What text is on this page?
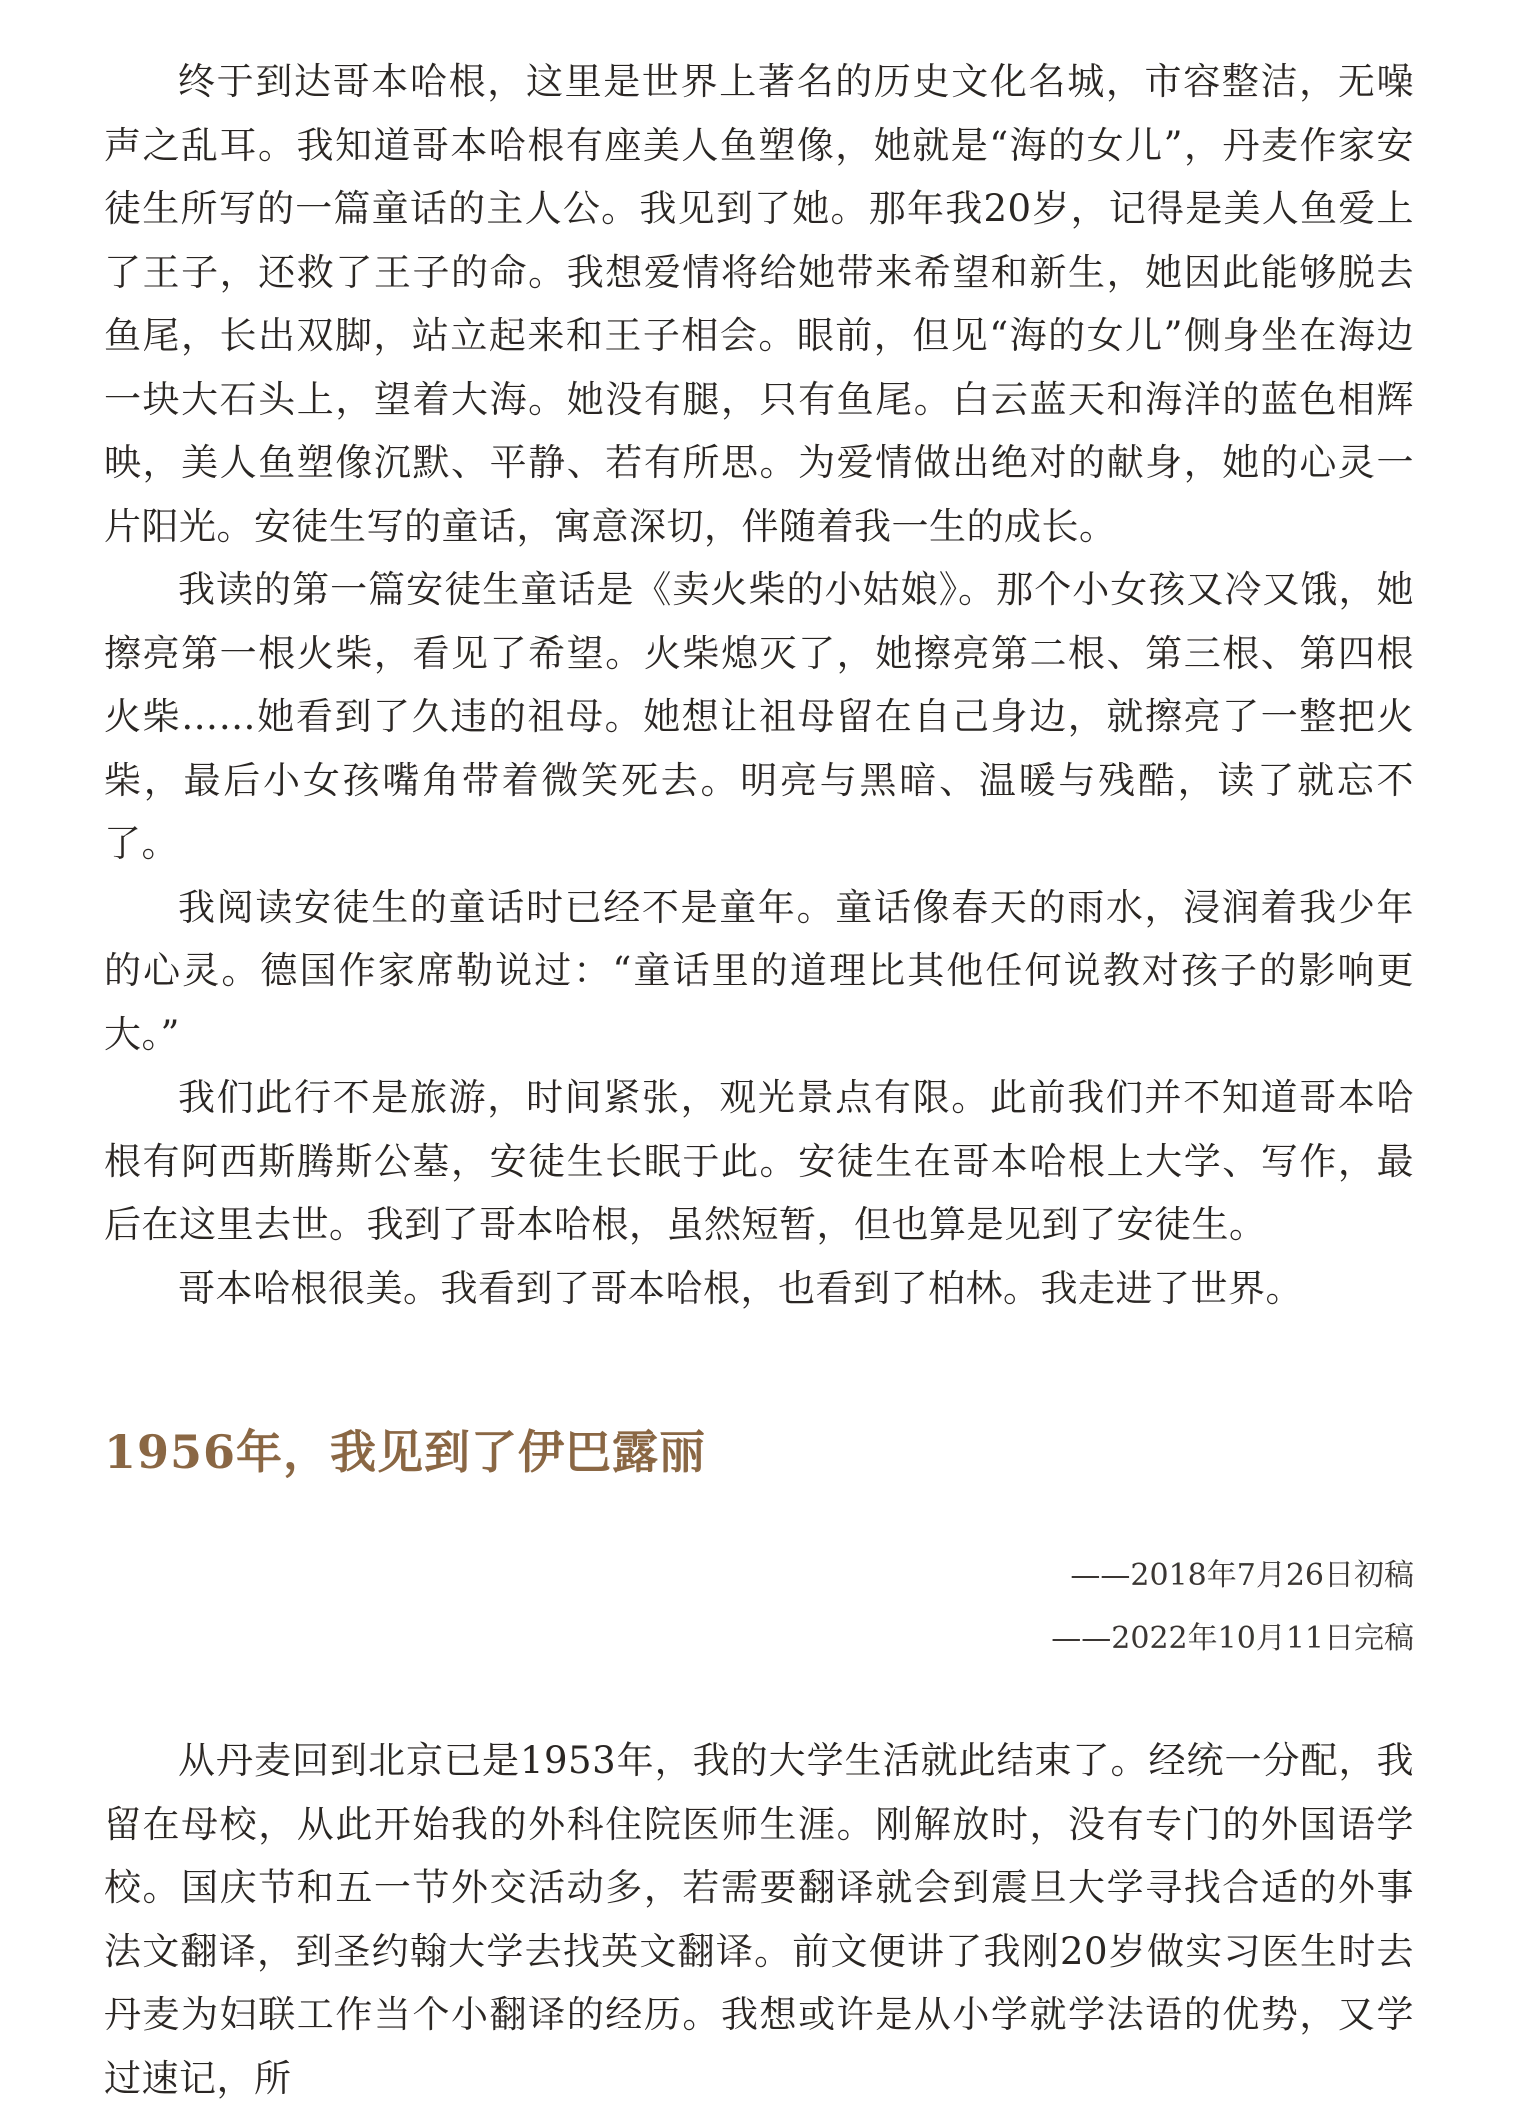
终于到达哥本哈根，这里是世界上著名的历史文化名城，市容整洁，无噪声之乱耳。我知道哥本哈根有座美人鱼塑像，她就是“海的女儿”，丹麦作家安徒生所写的一篇童话的主人公。我见到了她。那年我20岁，记得是美人鱼爱上了王子，还救了王子的命。我想爱情将给她带来希望和新生，她因此能够脱去鱼尾，长出双脚，站立起来和王子相会。眼前，但见“海的女儿”侧身坐在海边一块大石头上，望着大海。她没有腿，只有鱼尾。白云蓝天和海洋的蓝色相辉映，美人鱼塑像沉默、平静、若有所思。为爱情做出绝对的献身，她的心灵一片阳光。安徒生写的童话，寓意深切，伴随着我一生的成长。

我读的第一篇安徒生童话是《卖火柴的小姑娘》。那个小女孩又冷又饿，她擦亮第一根火柴，看见了希望。火柴熄灭了，她擦亮第二根、第三根、第四根火柴……她看到了久违的祖母。她想让祖母留在自己身边，就擦亮了一整把火柴，最后小女孩嘴角带着微笑死去。明亮与黑暗、温暖与残酷，读了就忘不了。

我阅读安徒生的童话时已经不是童年。童话像春天的雨水，浸润着我少年的心灵。德国作家席勒说过：“童话里的道理比其他任何说教对孩子的影响更大。”

我们此行不是旅游，时间紧张，观光景点有限。此前我们并不知道哥本哈根有阿西斯腾斯公墓，安徒生长眠于此。安徒生在哥本哈根上大学、写作，最后在这里去世。我到了哥本哈根，虽然短暂，但也算是见到了安徒生。

哥本哈根很美。我看到了哥本哈根，也看到了柏林。我走进了世界。

1956年，我见到了伊巴露丽
——2018年7月26日初稿
——2022年10月11日完稿

从丹麦回到北京已是1953年，我的大学生活就此结束了。经统一分配，我留在母校，从此开始我的外科住院医师生涯。刚解放时，没有专门的外国语学校。国庆节和五一节外交活动多，若需要翻译就会到震旦大学寻找合适的外事法文翻译，到圣约翰大学去找英文翻译。前文便讲了我刚20岁做实习医生时去丹麦为妇联工作当个小翻译的经历。我想或许是从小学就学法语的优势，又学过速记，所
